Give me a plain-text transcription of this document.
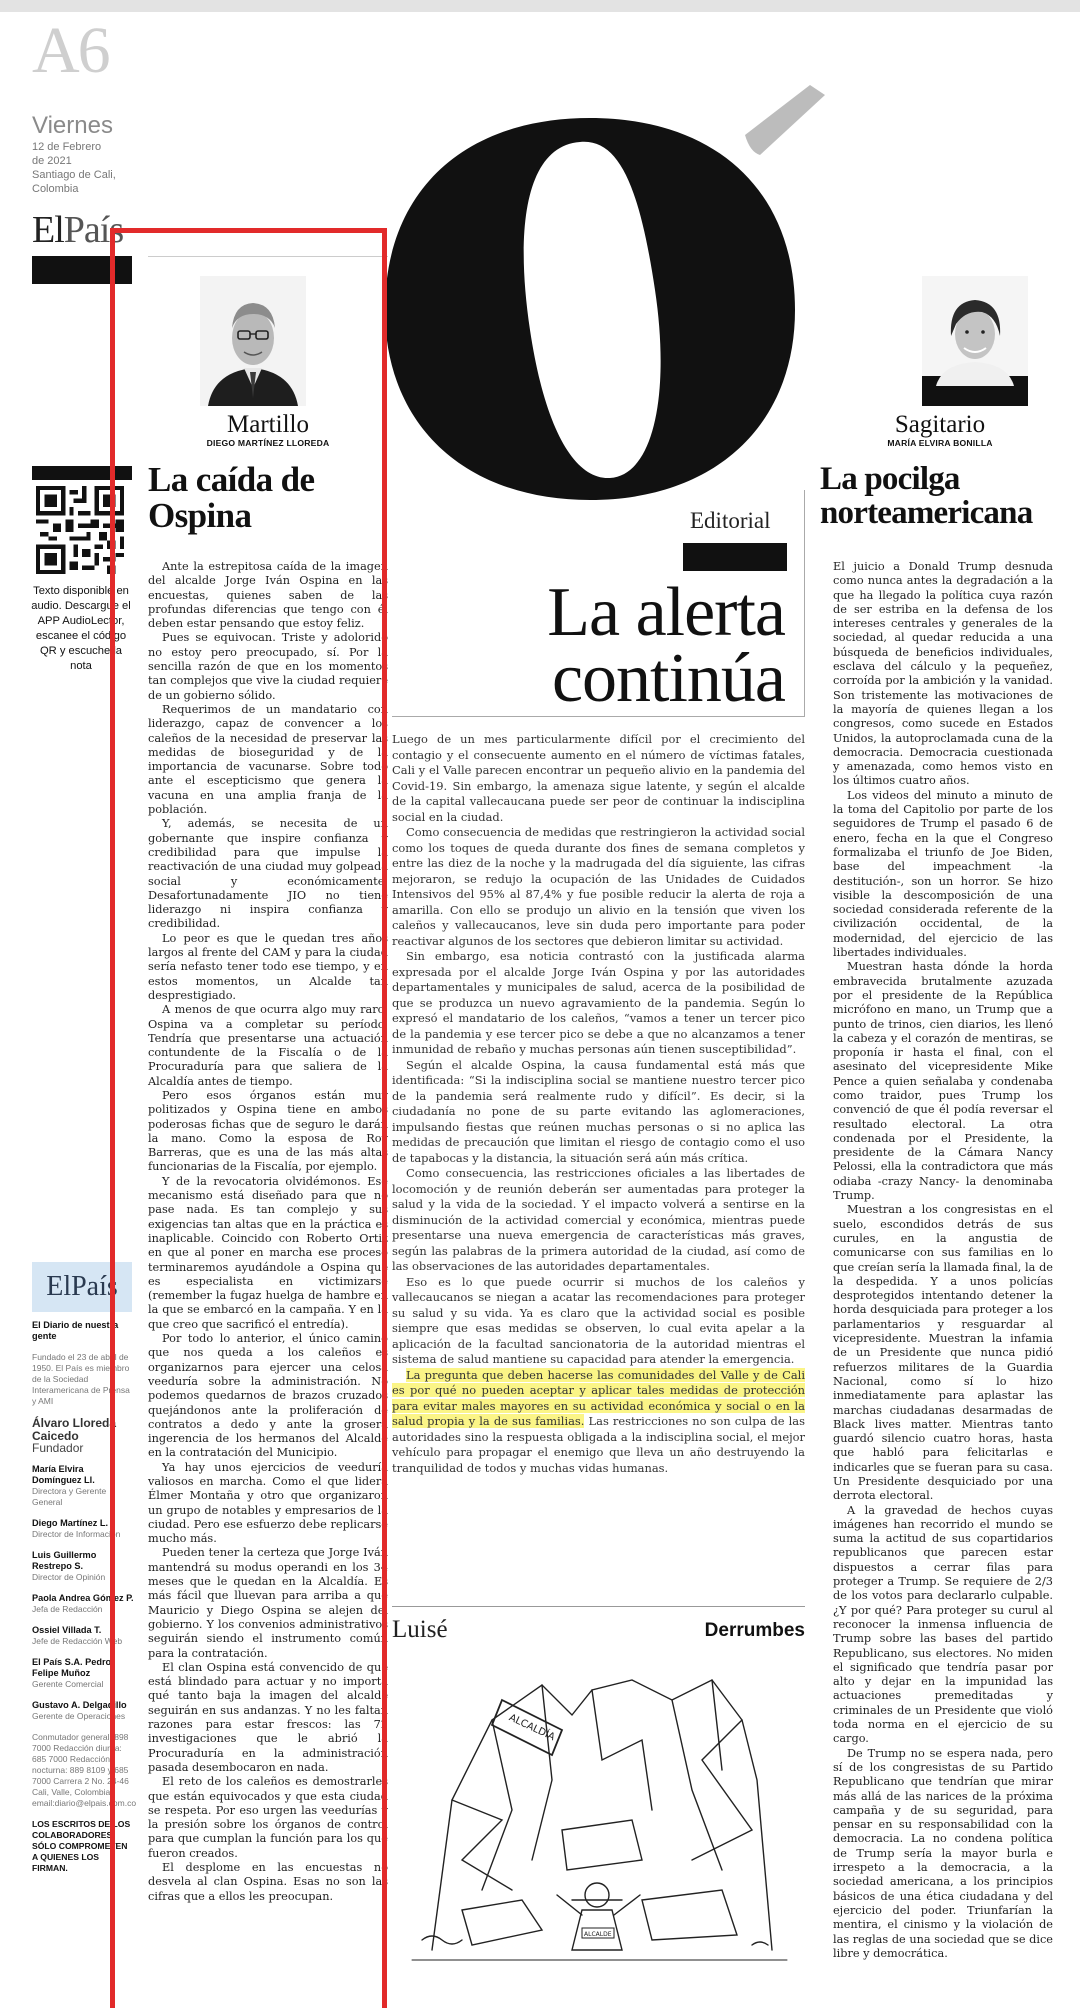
A6
Viernes
12 de Febrero
de 2021
Santiago de Cali,
Colombia
ElPaís
Texto disponible en audio. Descargue el APP AudioLector, escanee el código QR y escuche la nota
ElPaís
El Diario de nuestra gente
Fundado el 23 de abril de 1950. El País es miembro de la Sociedad Interamericana de Prensa y AMI
Álvaro Lloreda Caicedo
Fundador
María Elvira Domínguez Ll.
Directora y Gerente General
Diego Martínez L.
Director de Información
Luis Guillermo Restrepo S.
Director de Opinión
Paola Andrea Gómez P.
Jefa de Redacción
Ossiel Villada T.
Jefe de Redacción Web
El País S.A. Pedro Felipe Muñoz
Gerente Comercial
Gustavo A. Delgadillo
Gerente de Operaciones
Conmutador general: 898 7000 Redacción diurna: 685 7000 Redacción nocturna: 889 8109 y 685 7000 Carrera 2 No. 24-46 Cali, Valle, Colombia email:diario@elpais.com.co
LOS ESCRITOS DE LOS COLABORADORES SÓLO COMPROMETEN A QUIENES LOS FIRMAN.
Martillo
DIEGO MARTÍNEZ LLOREDA
La caída de Ospina

Ante la estrepitosa caída de la imagen del alcalde Jorge Iván Ospina en las encuestas, quienes saben de las profundas diferencias que tengo con él deben estar pensando que estoy feliz.

Pues se equivocan. Triste y adolorido no estoy pero preocupado, sí. Por la sencilla razón de que en los momentos tan complejos que vive la ciudad requiere de un gobierno sólido.

Requerimos de un mandatario con liderazgo, capaz de convencer a los caleños de la necesidad de preservar las medidas de bioseguridad y de la importancia de vacunarse. Sobre todo ante el escepticismo que genera la vacuna en una amplia franja de la población.

Y, además, se necesita de un gobernante que inspire confianza y credibilidad para que impulse la reactivación de una ciudad muy golpeada social y económicamente. Desafortunadamente JIO no tiene liderazgo ni inspira confianza y credibilidad.

Lo peor es que le quedan tres años largos al frente del CAM y para la ciudad sería nefasto tener todo ese tiempo, y en estos momentos, un Alcalde tan desprestigiado.

A menos de que ocurra algo muy raro, Ospina va a completar su período. Tendría que presentarse una actuación contundente de la Fiscalía o de la Procuraduría para que saliera de la Alcaldía antes de tiempo.

Pero esos órganos están muy politizados y Ospina tiene en ambos poderosas fichas que de seguro le darán la mano. Como la esposa de Roy Barreras, que es una de las más altas funcionarias de la Fiscalía, por ejemplo.

Y de la revocatoria olvidémonos. Ese mecanismo está diseñado para que no pase nada. Es tan complejo y sus exigencias tan altas que en la práctica es inaplicable. Coincido con Roberto Ortiz en que al poner en marcha ese proceso terminaremos ayudándole a Ospina que es especialista en victimizarse (remember la fugaz huelga de hambre en la que se embarcó en la campaña. Y en la que creo que sacrificó el entredía).

Por todo lo anterior, el único camino que nos queda a los caleños es organizarnos para ejercer una celosa veeduría sobre la administración. No podemos quedarnos de brazos cruzados quejándonos ante la proliferación de contratos a dedo y ante la grosera ingerencia de los hermanos del Alcalde en la contratación del Municipio.

Ya hay unos ejercicios de veeduría valiosos en marcha. Como el que lidera Élmer Montaña y otro que organizaron un grupo de notables y empresarios de la ciudad. Pero ese esfuerzo debe replicarse mucho más.

Pueden tener la certeza que Jorge Iván mantendrá su modus operandi en los 34 meses que le quedan en la Alcaldía. Es más fácil que lluevan para arriba a que Mauricio y Diego Ospina se alejen del gobierno. Y los convenios administrativos seguirán siendo el instrumento común para la contratación.

El clan Ospina está convencido de que está blindado para actuar y no importa qué tanto baja la imagen del alcalde seguirán en sus andanzas. Y no les faltan razones para estar frescos: las 72 investigaciones que le abrió la Procuraduría en la administración pasada desembocaron en nada.

El reto de los caleños es demostrarles que están equivocados y que esta ciudad se respeta. Por eso urgen las veedurías y la presión sobre los órganos de control para que cumplan la función para los que fueron creados.

El desplome en las encuestas no desvela al clan Ospina. Esas no son las cifras que a ellos les preocupan.

O
Editorial
La alerta
continúa

Luego de un mes particularmente difícil por el crecimiento del contagio y el consecuente aumento en el número de víctimas fatales, Cali y el Valle parecen encontrar un pequeño alivio en la pandemia del Covid-19. Sin embargo, la amenaza sigue latente, y según el alcalde de la capital vallecaucana puede ser peor de continuar la indisciplina social en la ciudad.

Como consecuencia de medidas que restringieron la actividad social como los toques de queda durante dos fines de semana completos y entre las diez de la noche y la madrugada del día siguiente, las cifras mejoraron, se redujo la ocupación de las Unidades de Cuidados Intensivos del 95% al 87,4% y fue posible reducir la alerta de roja a amarilla. Con ello se produjo un alivio en la tensión que viven los caleños y vallecaucanos, leve sin duda pero importante para poder reactivar algunos de los sectores que debieron limitar su actividad.

Sin embargo, esa noticia contrastó con la justificada alarma expresada por el alcalde Jorge Iván Ospina y por las autoridades departamentales y municipales de salud, acerca de la posibilidad de que se produzca un nuevo agravamiento de la pandemia. Según lo expresó el mandatario de los caleños, “vamos a tener un tercer pico de la pandemia y ese tercer pico se debe a que no alcanzamos a tener inmunidad de rebaño y muchas personas aún tienen susceptibilidad”.

Según el alcalde Ospina, la causa fundamental está más que identificada: “Si la indisciplina social se mantiene nuestro tercer pico de la pandemia será realmente rudo y difícil”. Es decir, si la ciudadanía no pone de su parte evitando las aglomeraciones, impulsando fiestas que reúnen muchas personas o si no aplica las medidas de precaución que limitan el riesgo de contagio como el uso de tapabocas y la distancia, la situación será aún más crítica.

Como consecuencia, las restricciones oficiales a las libertades de locomoción y de reunión deberán ser aumentadas para proteger la salud y la vida de la sociedad. Y el impacto volverá a sentirse en la disminución de la actividad comercial y económica, mientras puede presentarse una nueva emergencia de características más graves, según las palabras de la primera autoridad de la ciudad, así como de las observaciones de las autoridades departamentales.

Eso es lo que puede ocurrir si muchos de los caleños y vallecaucanos se niegan a acatar las recomendaciones para proteger su salud y su vida. Ya es claro que la actividad social es posible siempre que esas medidas se observen, lo cual evita apelar a la aplicación de la facultad sancionatoria de la autoridad mientras el sistema de salud mantiene su capacidad para atender la emergencia.

La pregunta que deben hacerse las comunidades del Valle y de Cali es por qué no pueden aceptar y aplicar tales medidas de protección para evitar males mayores en su actividad económica y social o en la salud propia y la de sus familias. Las restricciones no son culpa de las autoridades sino la respuesta obligada a la indisciplina social, el mejor vehículo para propagar el enemigo que lleva un año destruyendo la tranquilidad de todos y muchas vidas humanas.

Luisé	Derrumbes
ALCALDÍA
ALCALDE
Sagitario
MARÍA ELVIRA BONILLA
La pocilga norteamericana

El juicio a Donald Trump desnuda como nunca antes la degradación a la que ha llegado la política cuya razón de ser estriba en la defensa de los intereses centrales y generales de la sociedad, al quedar reducida a una búsqueda de beneficios individuales, esclava del cálculo y la pequeñez, corroída por la ambición y la vanidad. Son tristemente las motivaciones de la mayoría de quienes llegan a los congresos, como sucede en Estados Unidos, la autoproclamada cuna de la democracia. Democracia cuestionada y amenazada, como hemos visto en los últimos cuatro años.

Los videos del minuto a minuto de la toma del Capitolio por parte de los seguidores de Trump el pasado 6 de enero, fecha en la que el Congreso formalizaba el triunfo de Joe Biden, base del impeachment -la destitución-, son un horror. Se hizo visible la descomposición de una sociedad considerada referente de la civilización occidental, de la modernidad, del ejercicio de las libertades individuales.

Muestran hasta dónde la horda embravecida brutalmente azuzada por el presidente de la República micrófono en mano, un Trump que a punto de trinos, cien diarios, les llenó la cabeza y el corazón de mentiras, se proponía ir hasta el final, con el asesinato del vicepresidente Mike Pence a quien señalaba y condenaba como traidor, pues Trump los convenció de que él podía reversar el resultado electoral. La otra condenada por el Presidente, la presidente de la Cámara Nancy Pelossi, ella la contradictora que más odiaba -crazy Nancy- la denominaba Trump.

Muestran a los congresistas en el suelo, escondidos detrás de sus curules, en la angustia de comunicarse con sus familias en lo que creían sería la llamada final, la de la despedida. Y a unos policías desprotegidos intentando detener la horda desquiciada para proteger a los parlamentarios y resguardar al vicepresidente. Muestran la infamia de un Presidente que nunca pidió refuerzos militares de la Guardia Nacional, como sí lo hizo inmediatamente para aplastar las marchas ciudadanas desarmadas de Black lives matter. Mientras tanto guardó silencio cuatro horas, hasta que habló para felicitarlas e indicarles que se fueran para su casa. Un Presidente desquiciado por una derrota electoral.

A la gravedad de hechos cuyas imágenes han recorrido el mundo se suma la actitud de sus copartidarios republicanos que parecen estar dispuestos a cerrar filas para proteger a Trump. Se requiere de 2/3 de los votos para declararlo culpable. ¿Y por qué? Para proteger su curul al reconocer la inmensa influencia de Trump sobre las bases del partido Republicano, sus electores. No miden el significado que tendría pasar por alto y dejar en la impunidad las actuaciones premeditadas y criminales de un Presidente que violó toda norma en el ejercicio de su cargo.

De Trump no se espera nada, pero sí de los congresistas de su Partido Republicano que tendrían que mirar más allá de las narices de la próxima campaña y de su seguridad, para pensar en su responsabilidad con la democracia. La no condena política de Trump sería la mayor burla e irrespeto a la democracia, a la sociedad americana, a los principios básicos de una ética ciudadana y del ejercicio del poder. Triunfarían la mentira, el cinismo y la violación de las reglas de una sociedad que se dice libre y democrática.
